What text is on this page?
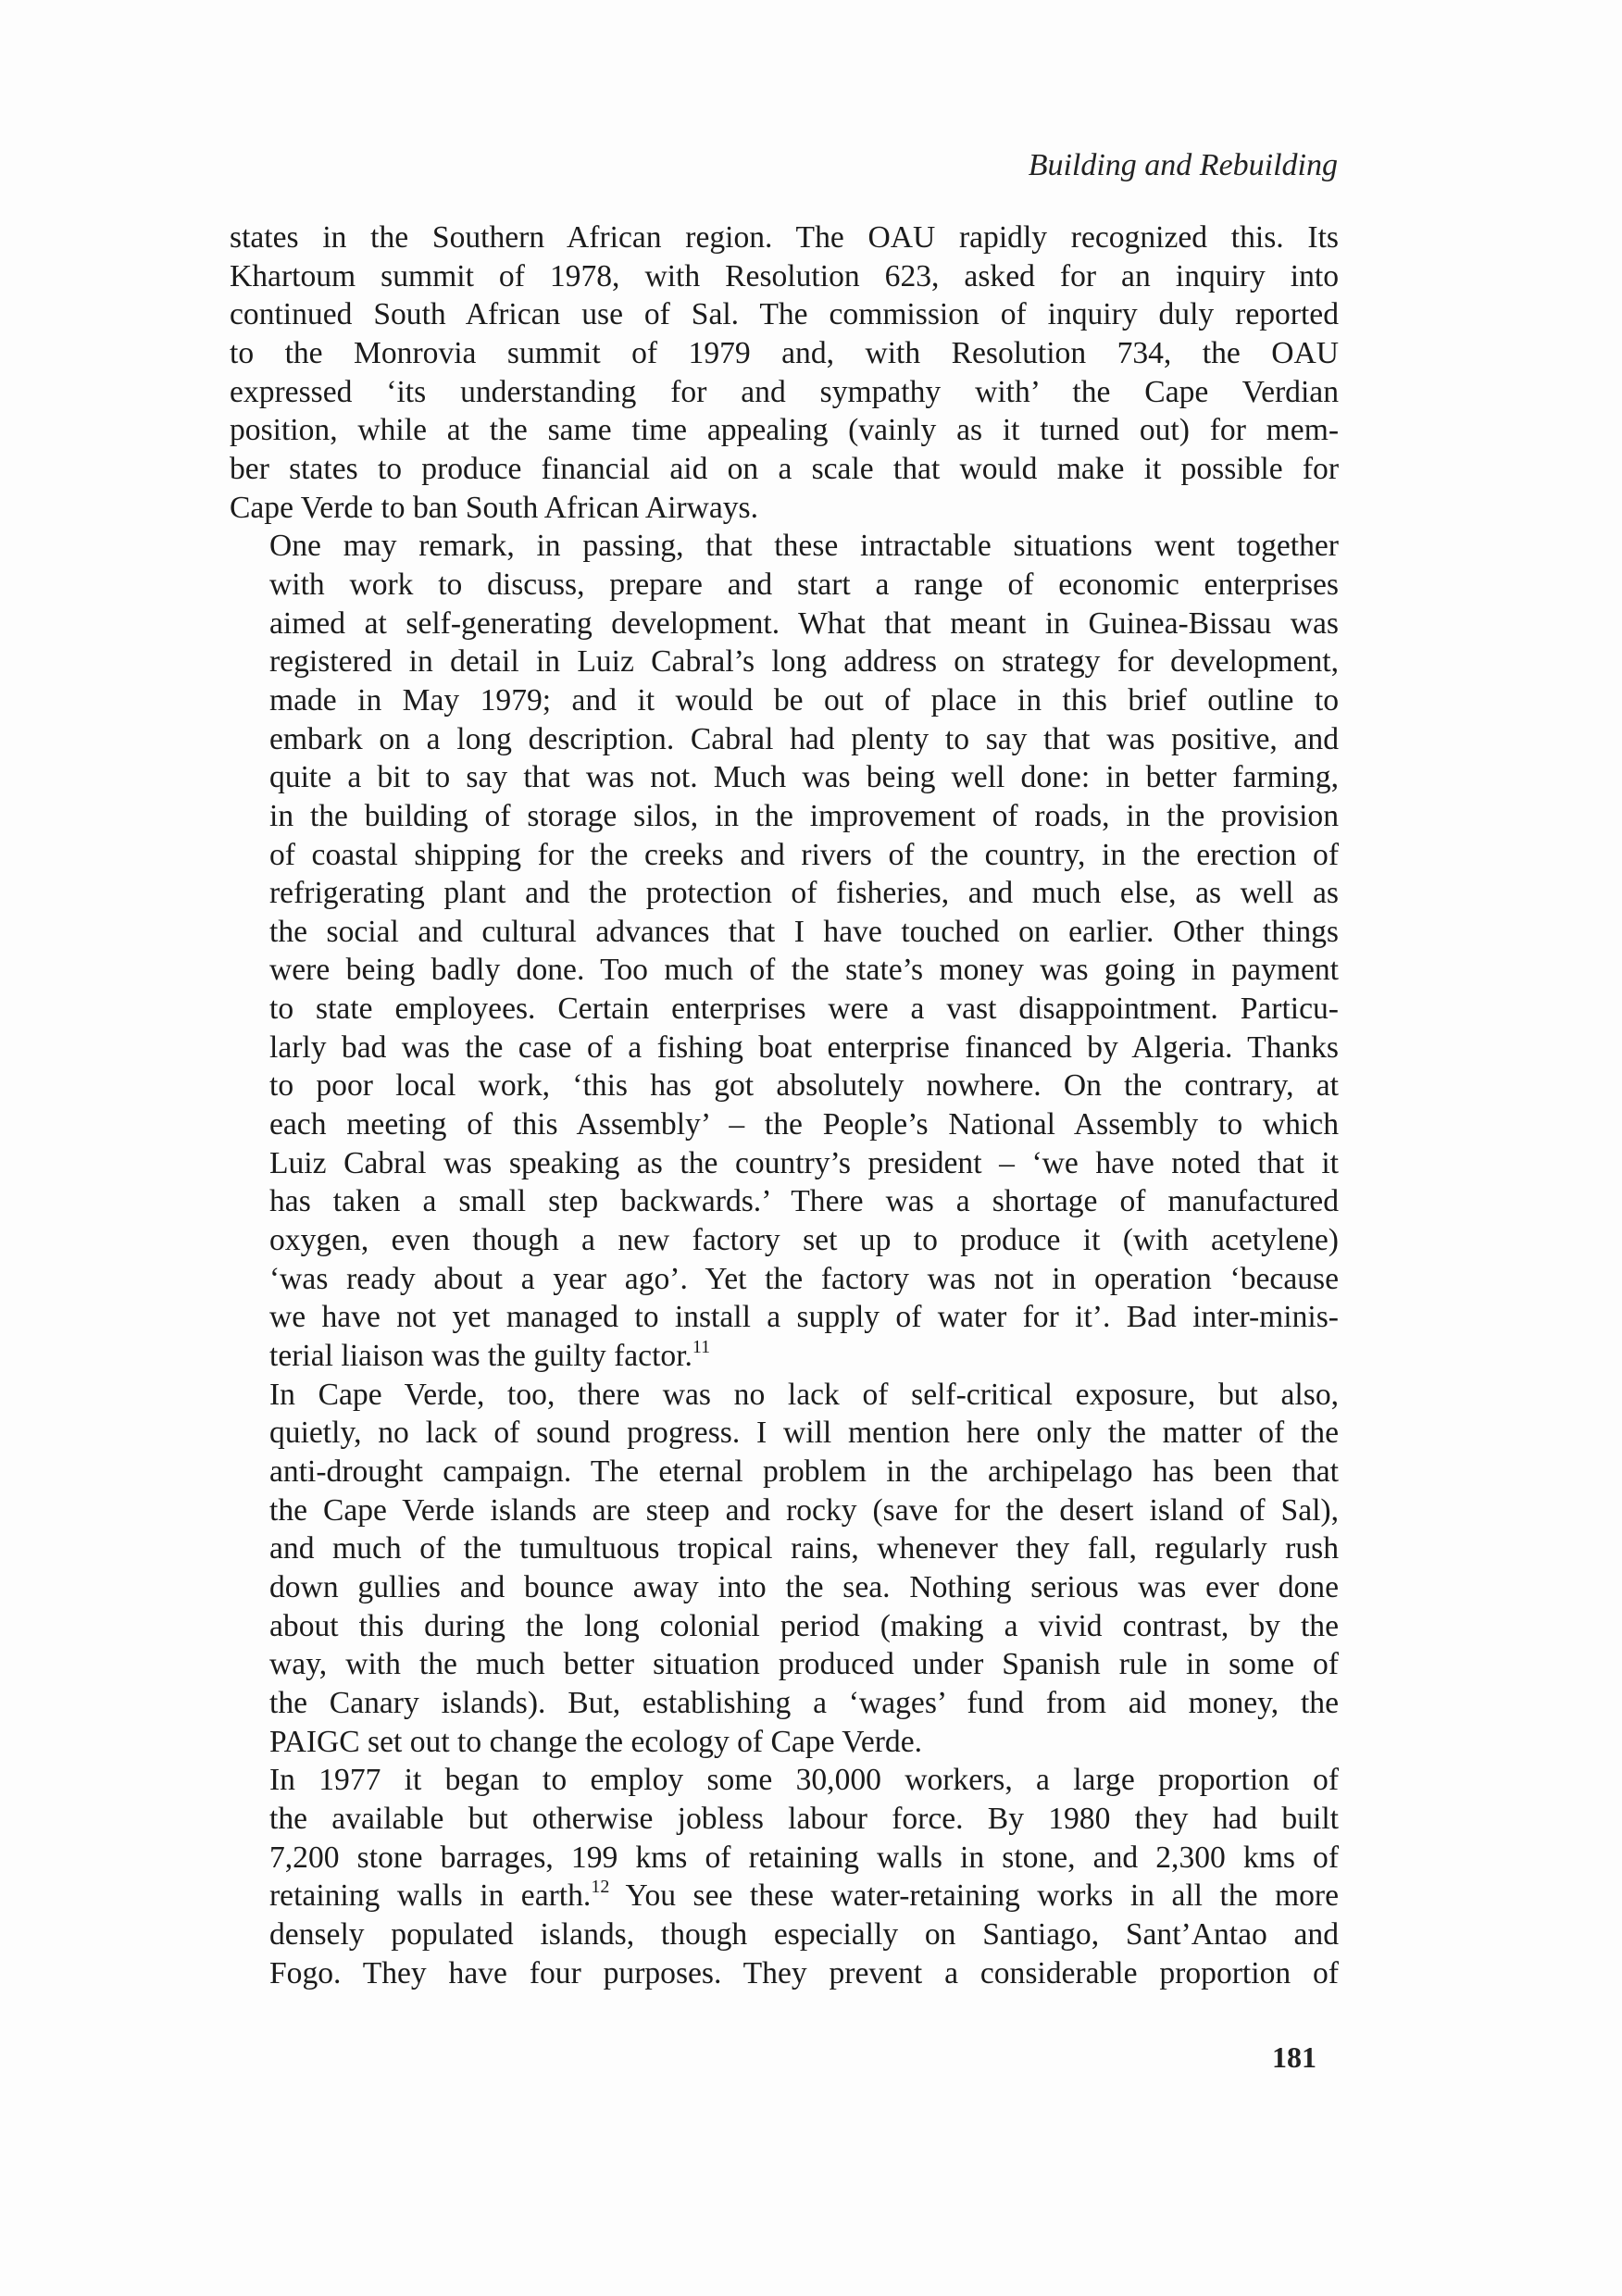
Building and Rebuilding

states in the Southern African region. The OAU rapidly recognized this. Its
Khartoum summit of 1978, with Resolution 623, asked for an inquiry into
continued South African use of Sal. The commission of inquiry duly reported
to the Monrovia summit of 1979 and, with Resolution 734, the OAU
expressed ‘its understanding for and sympathy with’ the Cape Verdian
position, while at the same time appealing (vainly as it turned out) for mem-
ber states to produce financial aid on a scale that would make it possible for
Cape Verde to ban South African Airways.

One may remark, in passing, that these intractable situations went together
with work to discuss, prepare and start a range of economic enterprises
aimed at self-generating development. What that meant in Guinea-Bissau was
registered in detail in Luiz Cabral’s long address on strategy for development,
made in May 1979; and it would be out of place in this brief outline to
embark on a long description. Cabral had plenty to say that was positive, and
quite a bit to say that was not. Much was being well done: in better farming,
in the building of storage silos, in the improvement of roads, in the provision
of coastal shipping for the creeks and rivers of the country, in the erection of
refrigerating plant and the protection of fisheries, and much else, as well as
the social and cultural advances that I have touched on earlier. Other things
were being badly done. Too much of the state’s money was going in payment
to state employees. Certain enterprises were a vast disappointment. Particu-
larly bad was the case of a fishing boat enterprise financed by Algeria. Thanks
to poor local work, ‘this has got absolutely nowhere. On the contrary, at
each meeting of this Assembly’ – the People’s National Assembly to which
Luiz Cabral was speaking as the country’s president – ‘we have noted that it
has taken a small step backwards.’ There was a shortage of manufactured
oxygen, even though a new factory set up to produce it (with acetylene)
‘was ready about a year ago’. Yet the factory was not in operation ‘because
we have not yet managed to install a supply of water for it’. Bad inter-minis-
terial liaison was the guilty factor.$^{11}$

In Cape Verde, too, there was no lack of self-critical exposure, but also,
quietly, no lack of sound progress. I will mention here only the matter of the
anti-drought campaign. The eternal problem in the archipelago has been that
the Cape Verde islands are steep and rocky (save for the desert island of Sal),
and much of the tumultuous tropical rains, whenever they fall, regularly rush
down gullies and bounce away into the sea. Nothing serious was ever done
about this during the long colonial period (making a vivid contrast, by the
way, with the much better situation produced under Spanish rule in some of
the Canary islands). But, establishing a ‘wages’ fund from aid money, the
PAIGC set out to change the ecology of Cape Verde.

In 1977 it began to employ some 30,000 workers, a large proportion of
the available but otherwise jobless labour force. By 1980 they had built
7,200 stone barrages, 199 kms of retaining walls in stone, and 2,300 kms of
retaining walls in earth.$^{12}$ You see these water-retaining works in all the more
densely populated islands, though especially on Santiago, Sant’Antao and
Fogo. They have four purposes. They prevent a considerable proportion of

181
